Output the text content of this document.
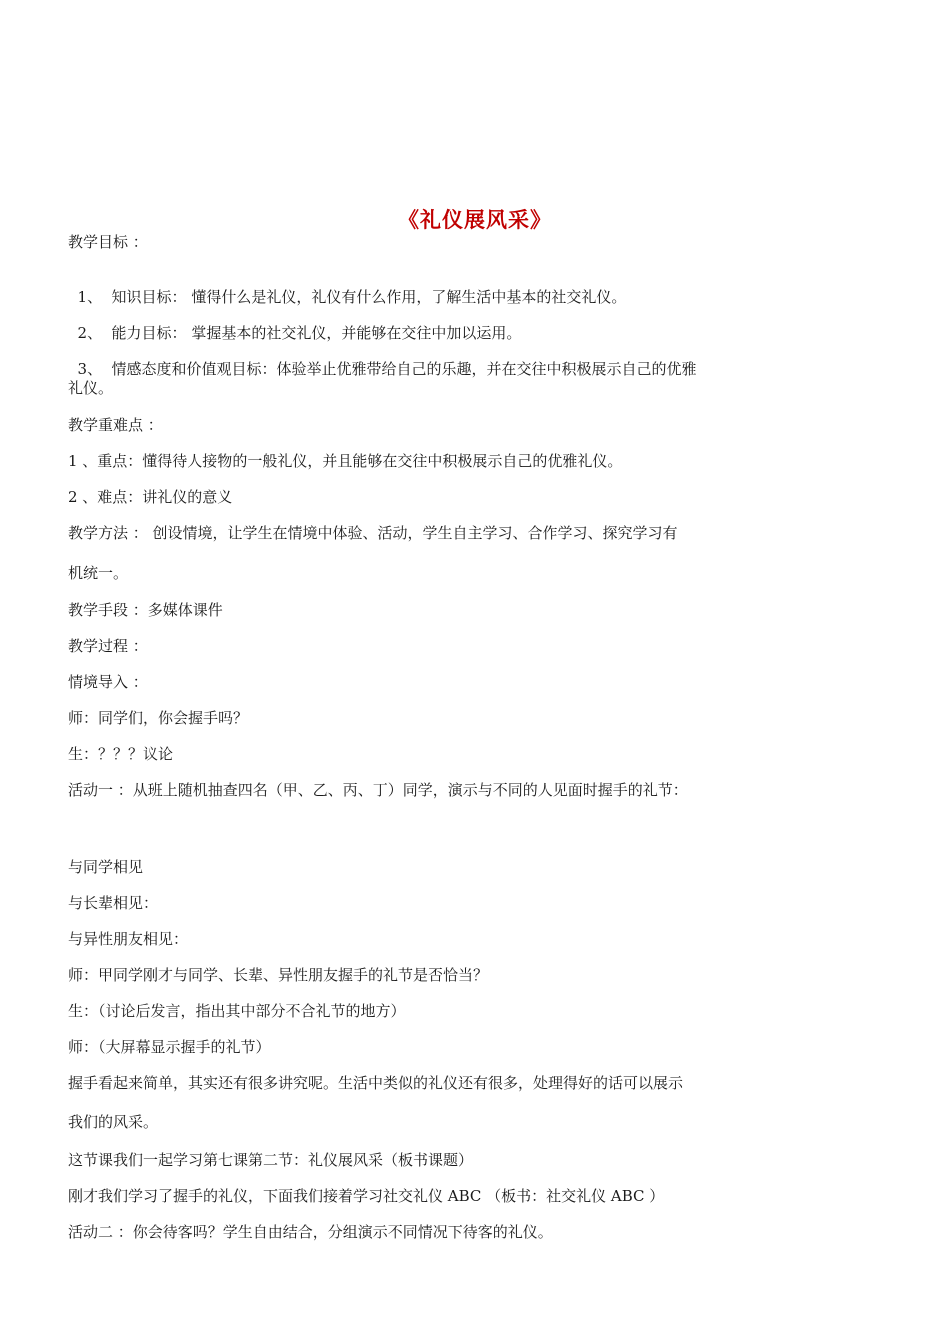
《礼仪展风采》
教学目标 ：

1、 知识目标： 懂得什么是礼仪，礼仪有什么作用，了解生活中基本的社交礼仪。

2、 能力目标： 掌握基本的社交礼仪，并能够在交往中加以运用。

3、 情感态度和价值观目标：体验举止优雅带给自己的乐趣，并在交往中积极展示自己的优雅

礼仪。
教学重难点 ：
1 、重点：懂得待人接物的一般礼仪，并且能够在交往中积极展示自己的优雅礼仪。
2 、难点：讲礼仪的意义
教学方法 ： 创设情境，让学生在情境中体验、活动，学生自主学习、合作学习、探究学习有
机统一。
教学手段 ：多媒体课件
教学过程 ：
情境导入 ：
师：同学们，你会握手吗？
生：？？？议论
活动一 ：从班上随机抽查四名（甲、乙、丙、丁）同学，演示与不同的人见面时握手的礼节：
与同学相见
与长辈相见：
与异性朋友相见：
师：甲同学刚才与同学、长辈、异性朋友握手的礼节是否恰当？
生：（讨论后发言，指出其中部分不合礼节的地方）
师：（大屏幕显示握手的礼节）
握手看起来简单，其实还有很多讲究呢。生活中类似的礼仪还有很多，处理得好的话可以展示
我们的风采。
这节课我们一起学习第七课第二节：礼仪展风采（板书课题）
刚才我们学习了握手的礼仪，下面我们接着学习社交礼仪 ABC （板书：社交礼仪 ABC ）
活动二 ：你会待客吗？学生自由结合，分组演示不同情况下待客的礼仪。
